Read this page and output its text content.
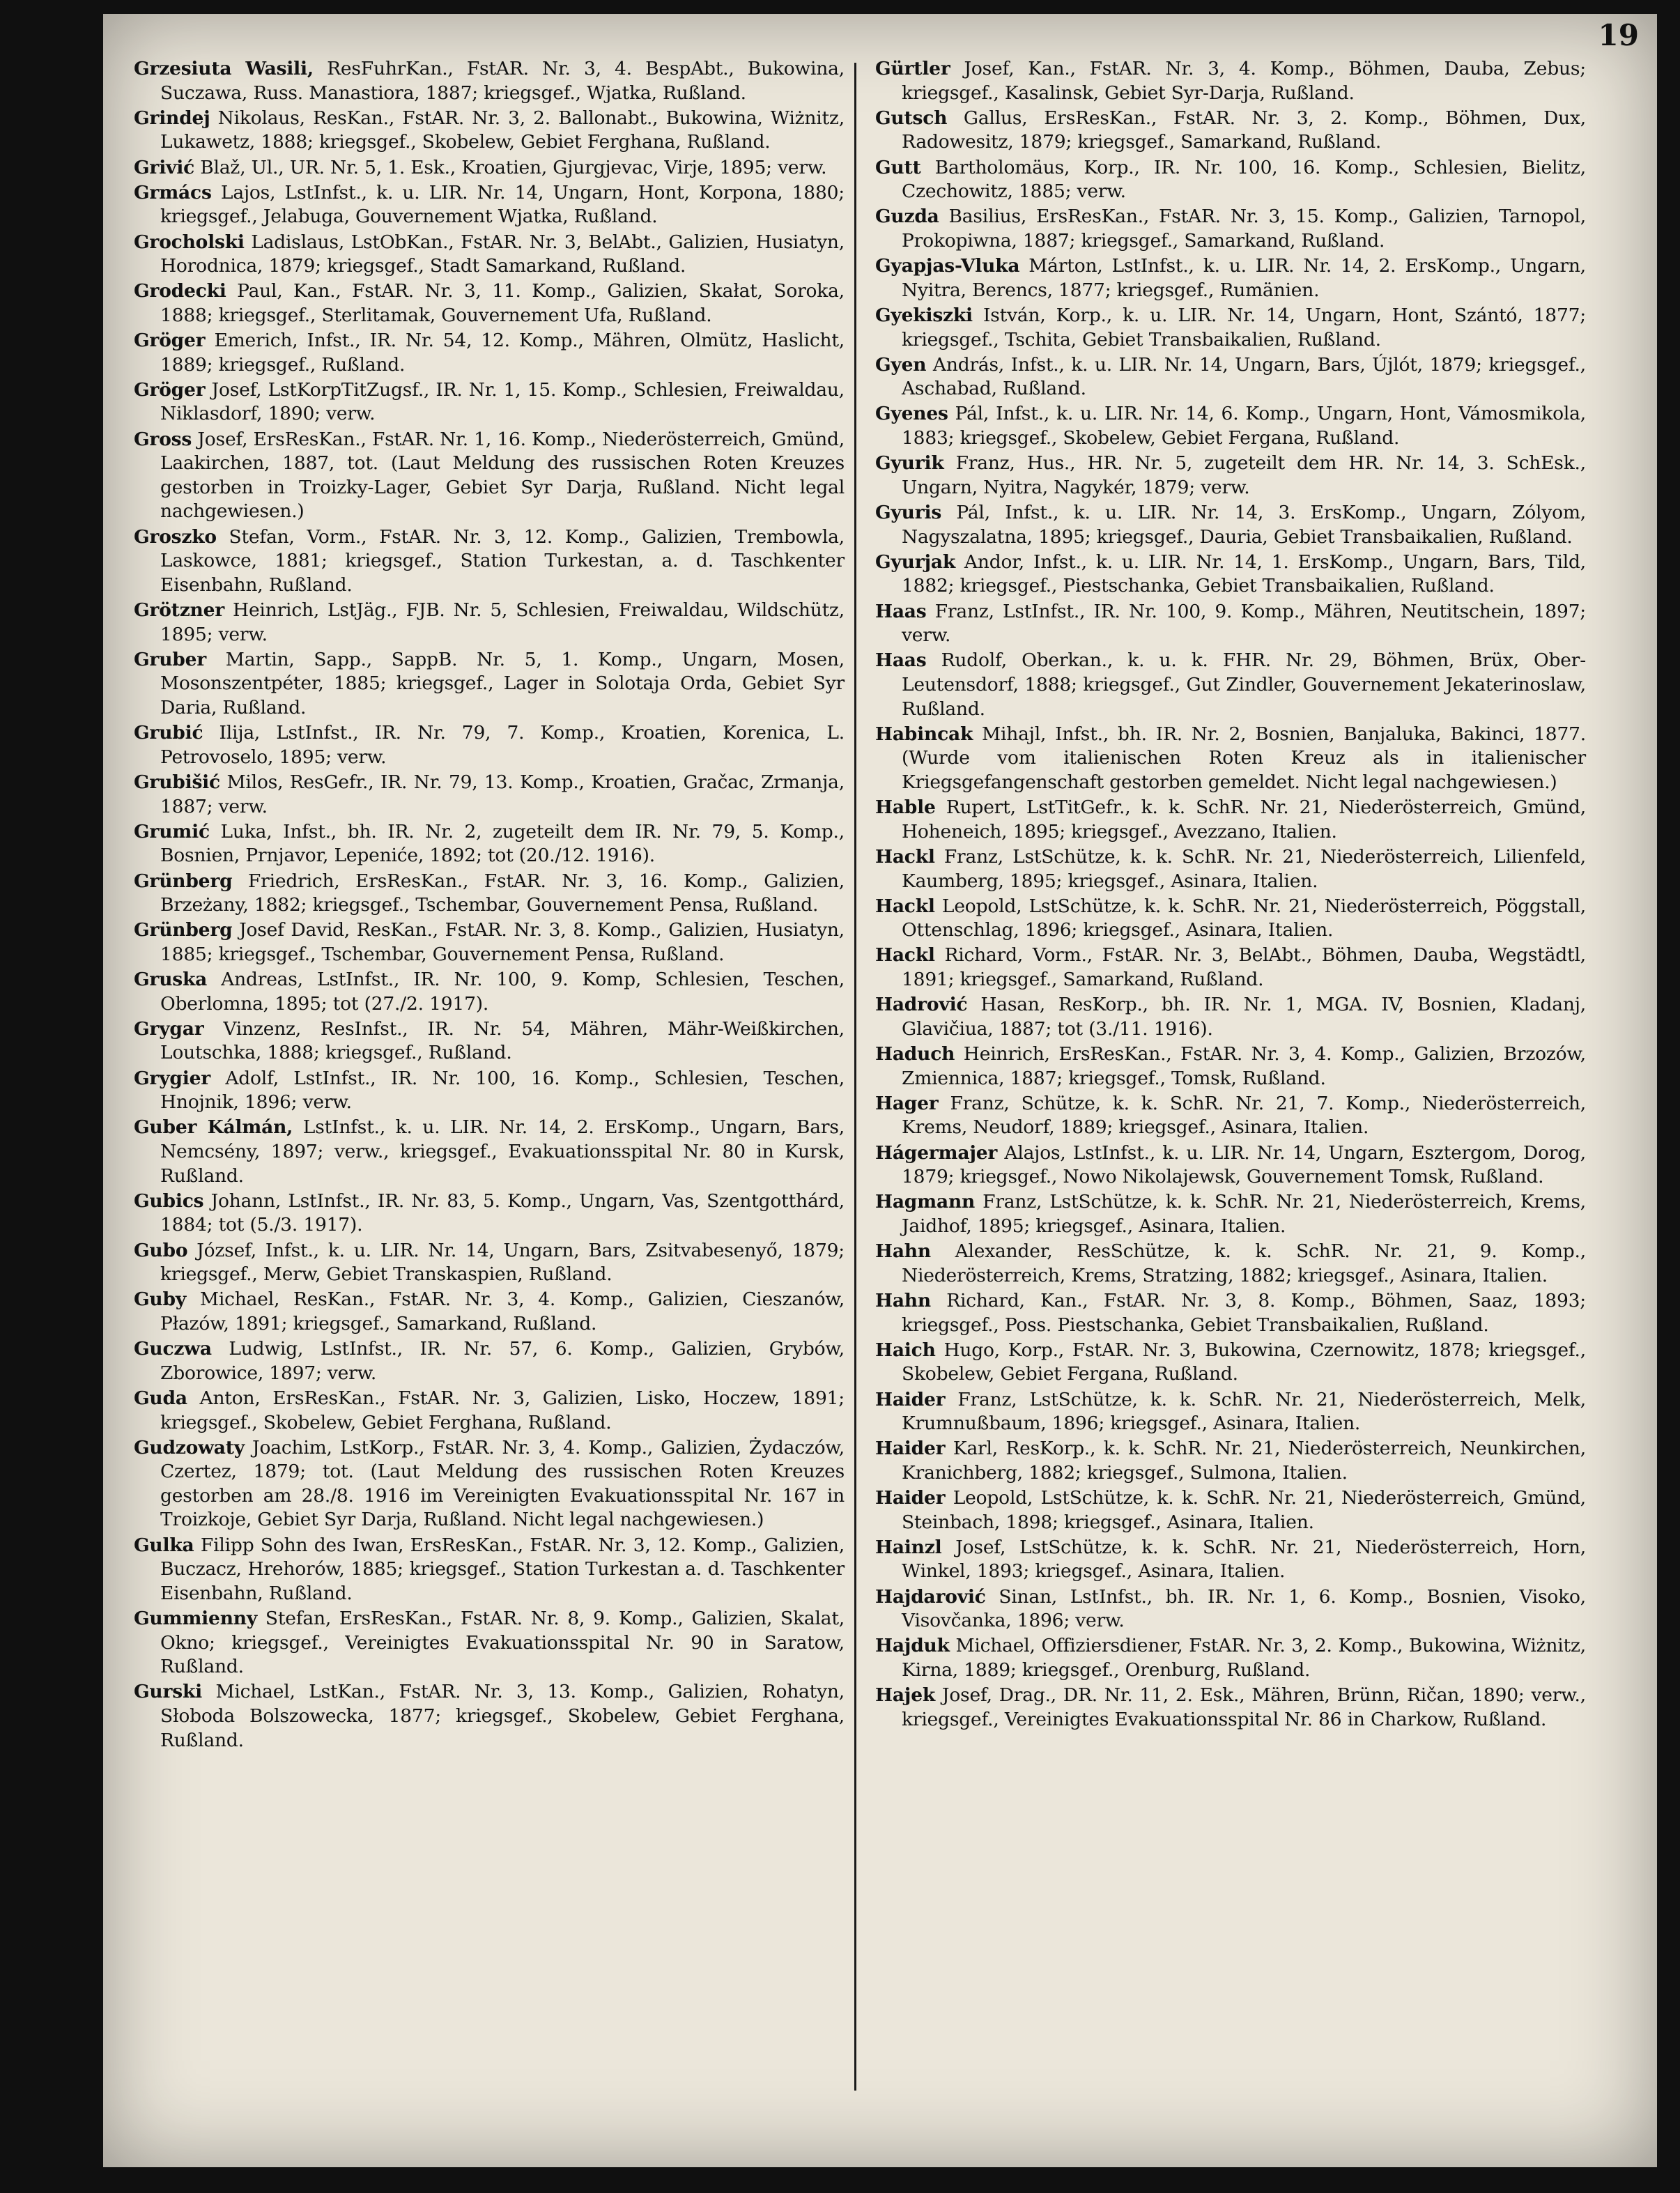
19

Grzesiuta Wasili, ResFuhrKan., FstAR. Nr. 3, 4. BespAbt., Bukowina, Suczawa, Russ. Manastiora, 1887; kriegsgef., Wjatka, Rußland.

Grindej Nikolaus, ResKan., FstAR. Nr. 3, 2. Ballonabt., Bukowina, Wiżnitz, Lukawetz, 1888; kriegsgef., Skobelew, Gebiet Ferghana, Rußland.

Grivić Blaž, Ul., UR. Nr. 5, 1. Esk., Kroatien, Gjurgjevac, Virje, 1895; verw.

Grmács Lajos, LstInfst., k. u. LIR. Nr. 14, Ungarn, Hont, Korpona, 1880; kriegsgef., Jelabuga, Gouvernement Wjatka, Rußland.

Grocholski Ladislaus, LstObKan., FstAR. Nr. 3, BelAbt., Galizien, Husiatyn, Horodnica, 1879; kriegsgef., Stadt Samarkand, Rußland.

Grodecki Paul, Kan., FstAR. Nr. 3, 11. Komp., Galizien, Skałat, Soroka, 1888; kriegsgef., Sterlitamak, Gouvernement Ufa, Rußland.

Gröger Emerich, Infst., IR. Nr. 54, 12. Komp., Mähren, Olmütz, Haslicht, 1889; kriegsgef., Rußland.

Gröger Josef, LstKorpTitZugsf., IR. Nr. 1, 15. Komp., Schlesien, Freiwaldau, Niklasdorf, 1890; verw.

Gross Josef, ErsResKan., FstAR. Nr. 1, 16. Komp., Niederösterreich, Gmünd, Laakirchen, 1887, tot. (Laut Meldung des russischen Roten Kreuzes gestorben in Troizky-Lager, Gebiet Syr Darja, Rußland. Nicht legal nachgewiesen.)

Groszko Stefan, Vorm., FstAR. Nr. 3, 12. Komp., Galizien, Trembowla, Laskowce, 1881; kriegsgef., Station Turkestan, a. d. Taschkenter Eisenbahn, Rußland.

Grötzner Heinrich, LstJäg., FJB. Nr. 5, Schlesien, Freiwaldau, Wildschütz, 1895; verw.

Gruber Martin, Sapp., SappB. Nr. 5, 1. Komp., Ungarn, Mosen, Mosonszentpéter, 1885; kriegsgef., Lager in Solotaja Orda, Gebiet Syr Daria, Rußland.

Grubić Ilija, LstInfst., IR. Nr. 79, 7. Komp., Kroatien, Korenica, L. Petrovoselo, 1895; verw.

Grubišić Milos, ResGefr., IR. Nr. 79, 13. Komp., Kroatien, Gračac, Zrmanja, 1887; verw.

Grumić Luka, Infst., bh. IR. Nr. 2, zugeteilt dem IR. Nr. 79, 5. Komp., Bosnien, Prnjavor, Lepeniće, 1892; tot (20./12. 1916).

Grünberg Friedrich, ErsResKan., FstAR. Nr. 3, 16. Komp., Galizien, Brzeżany, 1882; kriegsgef., Tschembar, Gouvernement Pensa, Rußland.

Grünberg Josef David, ResKan., FstAR. Nr. 3, 8. Komp., Galizien, Husiatyn, 1885; kriegsgef., Tschembar, Gouvernement Pensa, Rußland.

Gruska Andreas, LstInfst., IR. Nr. 100, 9. Komp, Schlesien, Teschen, Oberlomna, 1895; tot (27./2. 1917).

Grygar Vinzenz, ResInfst., IR. Nr. 54, Mähren, Mähr-Weißkirchen, Loutschka, 1888; kriegsgef., Rußland.

Grygier Adolf, LstInfst., IR. Nr. 100, 16. Komp., Schlesien, Teschen, Hnojnik, 1896; verw.

Guber Kálmán, LstInfst., k. u. LIR. Nr. 14, 2. ErsKomp., Ungarn, Bars, Nemcsény, 1897; verw., kriegsgef., Evakuationsspital Nr. 80 in Kursk, Rußland.

Gubics Johann, LstInfst., IR. Nr. 83, 5. Komp., Ungarn, Vas, Szentgotthárd, 1884; tot (5./3. 1917).

Gubo József, Infst., k. u. LIR. Nr. 14, Ungarn, Bars, Zsitvabesenyő, 1879; kriegsgef., Merw, Gebiet Transkaspien, Rußland.

Guby Michael, ResKan., FstAR. Nr. 3, 4. Komp., Galizien, Cieszanów, Płazów, 1891; kriegsgef., Samarkand, Rußland.

Guczwa Ludwig, LstInfst., IR. Nr. 57, 6. Komp., Galizien, Grybów, Zborowice, 1897; verw.

Guda Anton, ErsResKan., FstAR. Nr. 3, Galizien, Lisko, Hoczew, 1891; kriegsgef., Skobelew, Gebiet Ferghana, Rußland.

Gudzowaty Joachim, LstKorp., FstAR. Nr. 3, 4. Komp., Galizien, Żydaczów, Czertez, 1879; tot. (Laut Meldung des russischen Roten Kreuzes gestorben am 28./8. 1916 im Vereinigten Evakuationsspital Nr. 167 in Troizkoje, Gebiet Syr Darja, Rußland. Nicht legal nachgewiesen.)

Gulka Filipp Sohn des Iwan, ErsResKan., FstAR. Nr. 3, 12. Komp., Galizien, Buczacz, Hrehorów, 1885; kriegsgef., Station Turkestan a. d. Taschkenter Eisenbahn, Rußland.

Gummienny Stefan, ErsResKan., FstAR. Nr. 8, 9. Komp., Galizien, Skalat, Okno; kriegsgef., Vereinigtes Evakuationsspital Nr. 90 in Saratow, Rußland.

Gurski Michael, LstKan., FstAR. Nr. 3, 13. Komp., Galizien, Rohatyn, Słoboda Bolszowecka, 1877; kriegsgef., Skobelew, Gebiet Ferghana, Rußland.

Gürtler Josef, Kan., FstAR. Nr. 3, 4. Komp., Böhmen, Dauba, Zebus; kriegsgef., Kasalinsk, Gebiet Syr-Darja, Rußland.

Gutsch Gallus, ErsResKan., FstAR. Nr. 3, 2. Komp., Böhmen, Dux, Radowesitz, 1879; kriegsgef., Samarkand, Rußland.

Gutt Bartholomäus, Korp., IR. Nr. 100, 16. Komp., Schlesien, Bielitz, Czechowitz, 1885; verw.

Guzda Basilius, ErsResKan., FstAR. Nr. 3, 15. Komp., Galizien, Tarnopol, Prokopiwna, 1887; kriegsgef., Samarkand, Rußland.

Gyapjas-Vluka Márton, LstInfst., k. u. LIR. Nr. 14, 2. ErsKomp., Ungarn, Nyitra, Berencs, 1877; kriegsgef., Rumänien.

Gyekiszki István, Korp., k. u. LIR. Nr. 14, Ungarn, Hont, Szántó, 1877; kriegsgef., Tschita, Gebiet Transbaikalien, Rußland.

Gyen András, Infst., k. u. LIR. Nr. 14, Ungarn, Bars, Újlót, 1879; kriegsgef., Aschabad, Rußland.

Gyenes Pál, Infst., k. u. LIR. Nr. 14, 6. Komp., Ungarn, Hont, Vámosmikola, 1883; kriegsgef., Skobelew, Gebiet Fergana, Rußland.

Gyurik Franz, Hus., HR. Nr. 5, zugeteilt dem HR. Nr. 14, 3. SchEsk., Ungarn, Nyitra, Nagykér, 1879; verw.

Gyuris Pál, Infst., k. u. LIR. Nr. 14, 3. ErsKomp., Ungarn, Zólyom, Nagyszalatna, 1895; kriegsgef., Dauria, Gebiet Transbaikalien, Rußland.

Gyurjak Andor, Infst., k. u. LIR. Nr. 14, 1. ErsKomp., Ungarn, Bars, Tild, 1882; kriegsgef., Piestschanka, Gebiet Transbaikalien, Rußland.

Haas Franz, LstInfst., IR. Nr. 100, 9. Komp., Mähren, Neutitschein, 1897; verw.

Haas Rudolf, Oberkan., k. u. k. FHR. Nr. 29, Böhmen, Brüx, Ober-Leutensdorf, 1888; kriegsgef., Gut Zindler, Gouvernement Jekaterinoslaw, Rußland.

Habincak Mihajl, Infst., bh. IR. Nr. 2, Bosnien, Banjaluka, Bakinci, 1877. (Wurde vom italienischen Roten Kreuz als in italienischer Kriegsgefangenschaft gestorben gemeldet. Nicht legal nachgewiesen.)

Hable Rupert, LstTitGefr., k. k. SchR. Nr. 21, Niederösterreich, Gmünd, Hoheneich, 1895; kriegsgef., Avezzano, Italien.

Hackl Franz, LstSchütze, k. k. SchR. Nr. 21, Niederösterreich, Lilienfeld, Kaumberg, 1895; kriegsgef., Asinara, Italien.

Hackl Leopold, LstSchütze, k. k. SchR. Nr. 21, Niederösterreich, Pöggstall, Ottenschlag, 1896; kriegsgef., Asinara, Italien.

Hackl Richard, Vorm., FstAR. Nr. 3, BelAbt., Böhmen, Dauba, Wegstädtl, 1891; kriegsgef., Samarkand, Rußland.

Hadrović Hasan, ResKorp., bh. IR. Nr. 1, MGA. IV, Bosnien, Kladanj, Glavičiua, 1887; tot (3./11. 1916).

Haduch Heinrich, ErsResKan., FstAR. Nr. 3, 4. Komp., Galizien, Brzozów, Zmiennica, 1887; kriegsgef., Tomsk, Rußland.

Hager Franz, Schütze, k. k. SchR. Nr. 21, 7. Komp., Niederösterreich, Krems, Neudorf, 1889; kriegsgef., Asinara, Italien.

Hágermajer Alajos, LstInfst., k. u. LIR. Nr. 14, Ungarn, Esztergom, Dorog, 1879; kriegsgef., Nowo Nikolajewsk, Gouvernement Tomsk, Rußland.

Hagmann Franz, LstSchütze, k. k. SchR. Nr. 21, Niederösterreich, Krems, Jaidhof, 1895; kriegsgef., Asinara, Italien.

Hahn Alexander, ResSchütze, k. k. SchR. Nr. 21, 9. Komp., Niederösterreich, Krems, Stratzing, 1882; kriegsgef., Asinara, Italien.

Hahn Richard, Kan., FstAR. Nr. 3, 8. Komp., Böhmen, Saaz, 1893; kriegsgef., Poss. Piestschanka, Gebiet Transbaikalien, Rußland.

Haich Hugo, Korp., FstAR. Nr. 3, Bukowina, Czernowitz, 1878; kriegsgef., Skobelew, Gebiet Fergana, Rußland.

Haider Franz, LstSchütze, k. k. SchR. Nr. 21, Niederösterreich, Melk, Krumnußbaum, 1896; kriegsgef., Asinara, Italien.

Haider Karl, ResKorp., k. k. SchR. Nr. 21, Niederösterreich, Neunkirchen, Kranichberg, 1882; kriegsgef., Sulmona, Italien.

Haider Leopold, LstSchütze, k. k. SchR. Nr. 21, Niederösterreich, Gmünd, Steinbach, 1898; kriegsgef., Asinara, Italien.

Hainzl Josef, LstSchütze, k. k. SchR. Nr. 21, Niederösterreich, Horn, Winkel, 1893; kriegsgef., Asinara, Italien.

Hajdarović Sinan, LstInfst., bh. IR. Nr. 1, 6. Komp., Bosnien, Visoko, Visovčanka, 1896; verw.

Hajduk Michael, Offiziersdiener, FstAR. Nr. 3, 2. Komp., Bukowina, Wiżnitz, Kirna, 1889; kriegsgef., Orenburg, Rußland.

Hajek Josef, Drag., DR. Nr. 11, 2. Esk., Mähren, Brünn, Ričan, 1890; verw., kriegsgef., Vereinigtes Evakuationsspital Nr. 86 in Charkow, Rußland.
